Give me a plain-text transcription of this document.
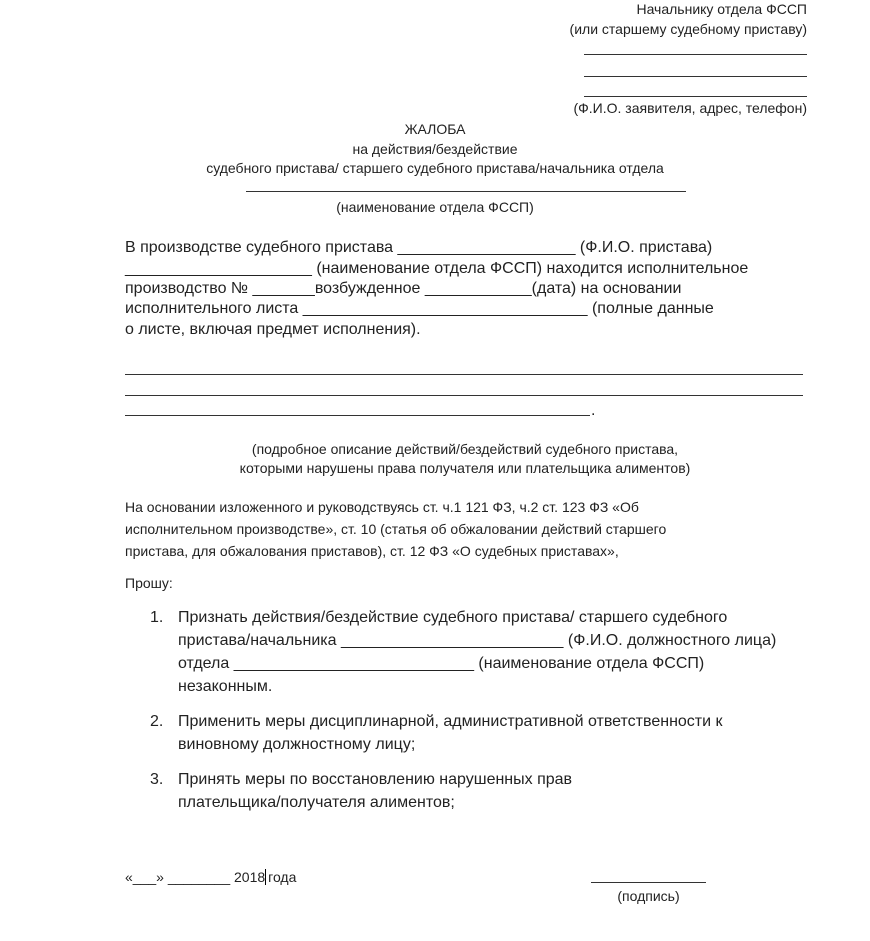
Начальнику отдела ФССП
(или старшему судебному приставу)
(Ф.И.О. заявителя, адрес, телефон)
ЖАЛОБА
на действия/бездействие
судебного пристава/ старшего судебного пристава/начальника отдела
(наименование отдела ФССП)
В производстве судебного пристава ____________________ (Ф.И.О. пристава)
_____________________ (наименование отдела ФССП) находится исполнительное
производство № _______возбужденное ____________(дата) на основании
исполнительного листа ________________________________ (полные данные
о листе, включая предмет исполнения).
.
(подробное описание действий/бездействий судебного пристава,
которыми нарушены права получателя или плательщика алиментов)
На основании изложенного и руководствуясь ст. ч.1 121 ФЗ, ч.2 ст. 123 ФЗ «Об
исполнительном производстве», ст. 10 (статья об обжаловании действий старшего
пристава, для обжалования приставов), ст. 12 ФЗ «О судебных приставах»,
Прошу:
1. Признать действия/бездействие судебного пристава/ старшего судебного
пристава/начальника _________________________ (Ф.И.О. должностного лица)
отдела ___________________________ (наименование отдела ФССП)
незаконным.
2. Применить меры дисциплинарной, административной ответственности к
виновному должностному лицу;
3. Принять меры по восстановлению нарушенных прав
плательщика/получателя алиментов;
«___» ________ 2018 года
(подпись)
